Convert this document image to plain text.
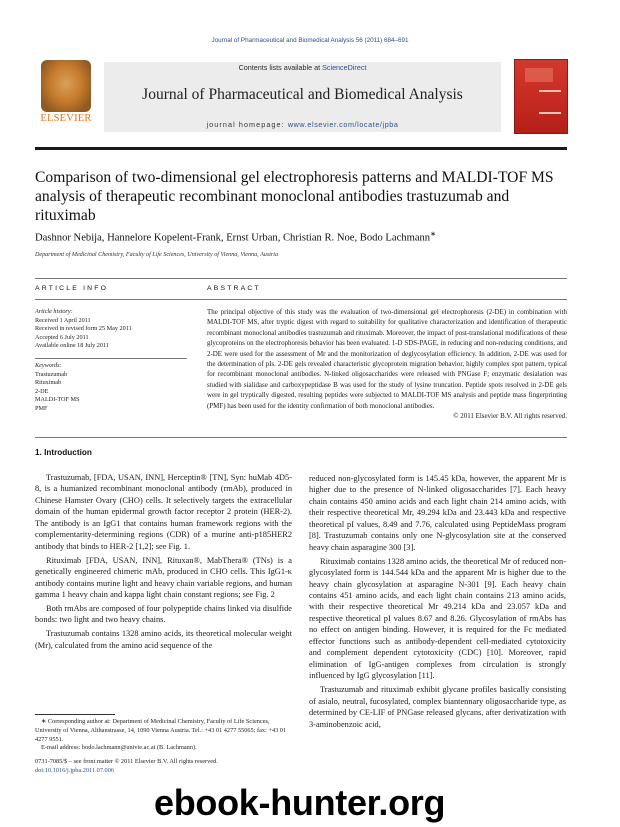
Journal of Pharmaceutical and Biomedical Analysis 56 (2011) 684–691
ELSEVIER
Contents lists available at ScienceDirect
Journal of Pharmaceutical and Biomedical Analysis
journal homepage: www.elsevier.com/locate/jpba
Comparison of two-dimensional gel electrophoresis patterns and MALDI-TOF MS analysis of therapeutic recombinant monoclonal antibodies trastuzumab and rituximab
Dashnor Nebija, Hannelore Kopelent-Frank, Ernst Urban, Christian R. Noe, Bodo Lachmann∗
Department of Medicinal Chemistry, Faculty of Life Sciences, University of Vienna, Vienna, Austria
ARTICLE INFO	ABSTRACT
Article history:
Received 1 April 2011
Received in revised form 25 May 2011
Accepted 6 July 2011
Available online 18 July 2011
Keywords:
Trastuzumab
Rituximab
2-DE
MALDI-TOF MS
PMF

The principal objective of this study was the evaluation of two-dimensional gel electrophoresis (2-DE) in combination with MALDI-TOF MS, after tryptic digest with regard to suitability for qualitative characterization and identification of therapeutic recombinant monoclonal antibodies trastuzumab and rituximab. Moreover, the impact of post-translational modifications of these glycoproteins on the electrophoresis behavior has been evaluated. 1-D SDS-PAGE, in reducing and non-reducing conditions, and 2-DE were used for the assessment of Mr and the monitorization of deglycosylation efficiency. In addition, 2-DE was used for the determination of pIs. 2-DE gels revealed characteristic glycoprotein migration behavior, highly complex spot pattern, typical for recombinant monoclonal antibodies. N-linked oligosaccharides were released with PNGase F; enzymatic desialation was studied with sialidase and carboxypeptidase B was used for the study of lysine truncation. Peptide spots resolved in 2-DE gels were in gel tryptically digested, resulting peptides were subjected to MALDI-TOF MS analysis and peptide mass fingerprinting (PMF) has been used for the identity confirmation of both monoclonal antibodies.

© 2011 Elsevier B.V. All rights reserved.
1. Introduction

Trastuzumab, [FDA, USAN, INN], Herceptin® [TN], Syn: huMab 4D5-8, is a humanized recombinant monoclonal antibody (rmAb), produced in Chinese Hamster Ovary (CHO) cells. It selectively targets the extracellular domain of the human epidermal growth factor receptor 2 protein (HER-2). The antibody is an IgG1 that contains human framework regions with the complementarity-determining regions (CDR) of a murine anti-p185HER2 antibody that binds to HER-2 [1,2]; see Fig. 1.

Rituximab [FDA, USAN, INN], Rituxan®, MabThera® (TNs) is a genetically engineered chimeric mAb, produced in CHO cells. This IgG1-κ antibody contains murine light and heavy chain variable regions, and human gamma 1 heavy chain and kappa light chain constant regions; see Fig. 2

Both rmAbs are composed of four polypeptide chains linked via disulfide bonds: two light and two heavy chains.

Trastuzumab contains 1328 amino acids, its theoretical molecular weight (Mr), calculated from the amino acid sequence of the

reduced non-glycosylated form is 145.45 kDa, however, the apparent Mr is higher due to the presence of N-linked oligosaccharides [7]. Each heavy chain contains 450 amino acids and each light chain 214 amino acids, with their respective theoretical Mr, 49.294 kDa and 23.443 kDa and respective theoretical pI values, 8.49 and 7.76, calculated using PeptideMass program [8]. Trastuzumab contains only one N-glycosylation site at the conserved heavy chain asparagine 300 [3].

Rituximab contains 1328 amino acids, the theoretical Mr of reduced non-glycosylated form is 144.544 kDa and the apparent Mr is higher due to the heavy chain glycosylation at asparagine N-301 [9]. Each heavy chain contains 451 amino acids, and each light chain contains 213 amino acids, with their respective theoretical Mr 49.214 kDa and 23.057 kDa and respective theoretical pI values 8.67 and 8.26. Glycosylation of rmAbs has no effect on antigen binding. However, it is required for the Fc mediated effector functions such as antibody-dependent cell-mediated cytotoxicity and complement dependent cytotoxicity (CDC) [10]. Moreover, rapid elimination of IgG-antigen complexes from circulation is strongly influenced by IgG glycosylation [11].

Trastuzumab and rituximab exhibit glycane profiles basically consisting of asialo, neutral, fucosylated, complex biantennary oligosaccharide type, as determined by CE-LIF of PNGase released glycans, after derivatization with 3-aminobenzoic acid,

∗ Corresponding author at: Department of Medicinal Chemistry, Faculty of Life Sciences, University of Vienna, Althanstrasse, 14, 1090 Vienna Austria. Tel.: +43 01 4277 55065; fax: +43 01 4277 9551.

E-mail address: bodo.lachmann@univie.ac.at (B. Lachmann).

0731-7085/$ – see front matter © 2011 Elsevier B.V. All rights reserved.
doi:10.1016/j.jpba.2011.07.006
ebook-hunter.org
